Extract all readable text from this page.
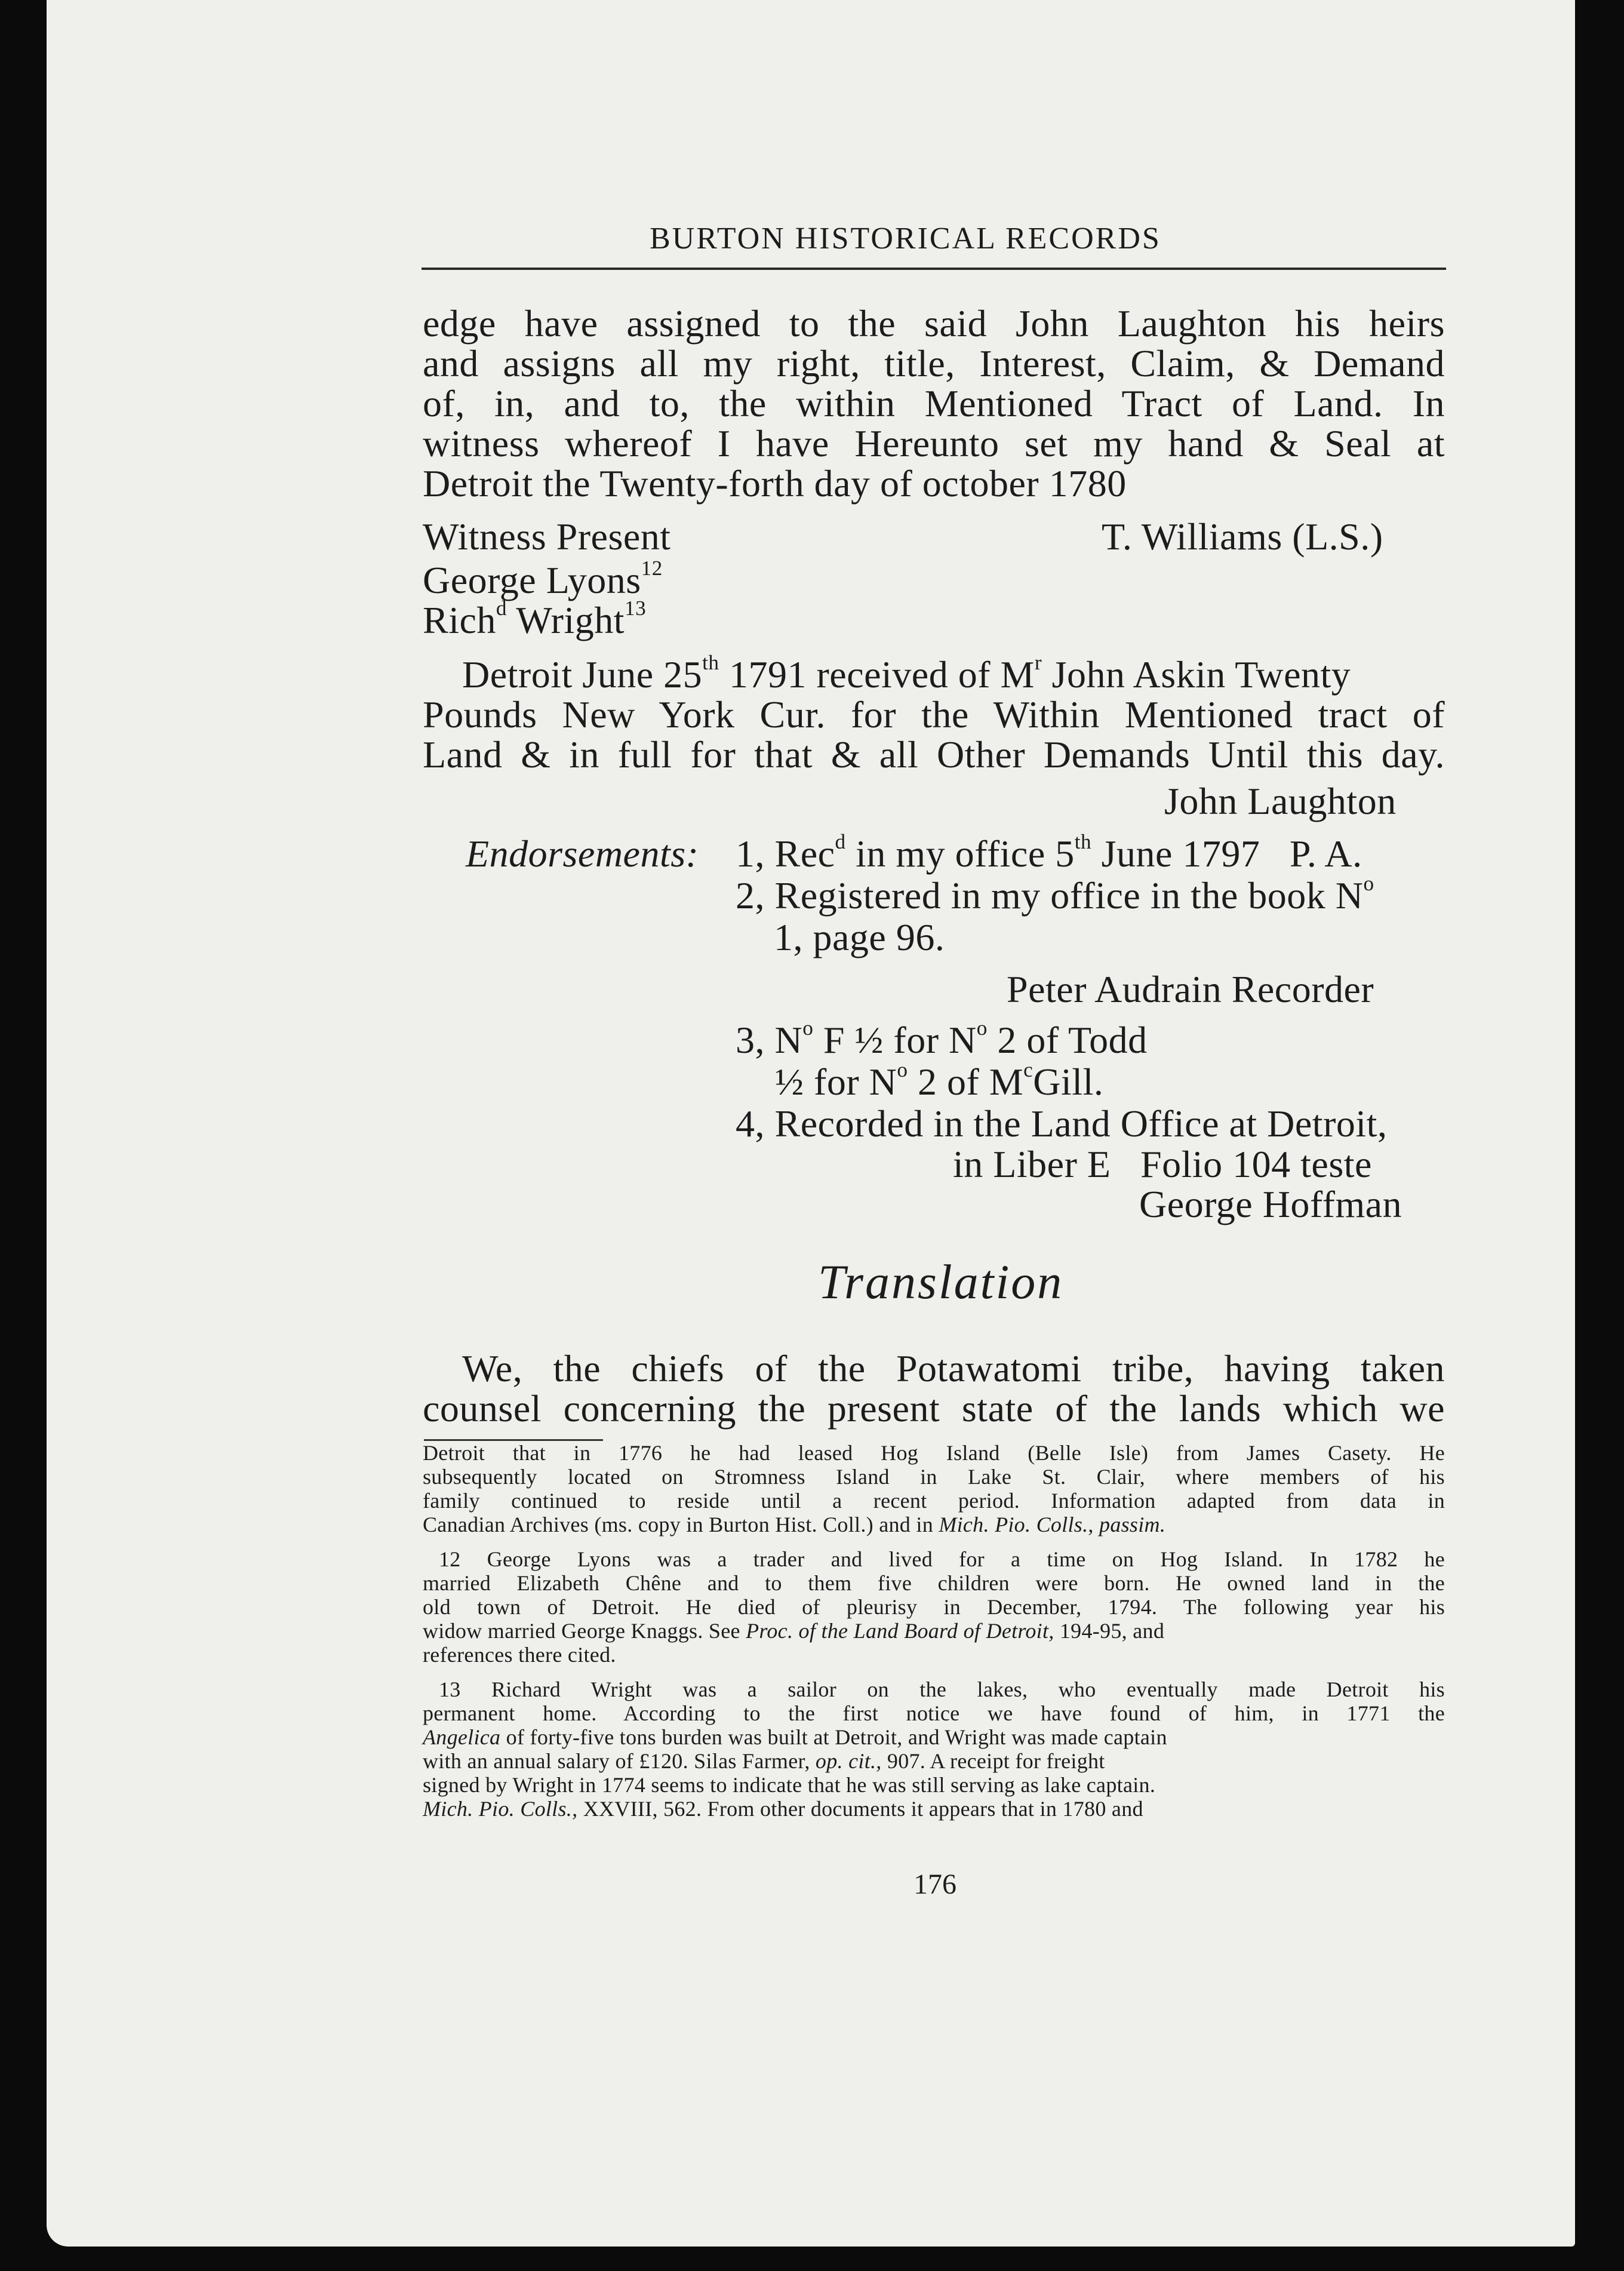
BURTON HISTORICAL RECORDS
edge have assigned to the said John Laughton his heirs
and assigns all my right, title, Interest, Claim, & Demand
of, in, and to, the within Mentioned Tract of Land. In
witness whereof I have Hereunto set my hand & Seal at
Detroit the Twenty-forth day of october 1780
Witness Present	T. Williams (L.S.)
George Lyons$^{12}$
Rich$^d$ Wright$^{13}$
Detroit June 25th 1791 received of $M^r$ John Askin Twenty
Pounds New York Cur. for the Within Mentioned tract of
Land & in full for that & all Other Demands Until this day.
John Laughton
Endorsements: 1, Rec$^d$ in my office 5th June 1797   P. A.
2, Registered in my office in the book $N^o$
1, page 96.
Peter Audrain Recorder
3, $N^o$ F ½ for $N^o$ 2 of Todd
½ for $N^o$ 2 of $M^cGill$.
4, Recorded in the Land Office at Detroit,
in Liber E   Folio 104 teste
George Hoffman
Translation
We, the chiefs of the Potawatomi tribe, having taken
counsel concerning the present state of the lands which we
Detroit that in 1776 he had leased Hog Island (Belle Isle) from James Casety. He
subsequently located on Stromness Island in Lake St. Clair, where members of his
family continued to reside until a recent period. Information adapted from data in
Canadian Archives (ms. copy in Burton Hist. Coll.) and in Mich. Pio. Colls., passim.
12 George Lyons was a trader and lived for a time on Hog Island. In 1782 he
married Elizabeth Chêne and to them five children were born. He owned land in the
old town of Detroit. He died of pleurisy in December, 1794. The following year his
widow married George Knaggs. See Proc. of the Land Board of Detroit, 194-95, and
references there cited.
13 Richard Wright was a sailor on the lakes, who eventually made Detroit his
permanent home. According to the first notice we have found of him, in 1771 the
Angelica of forty-five tons burden was built at Detroit, and Wright was made captain
with an annual salary of £120. Silas Farmer, op. cit., 907. A receipt for freight
signed by Wright in 1774 seems to indicate that he was still serving as lake captain.
Mich. Pio. Colls., XXVIII, 562. From other documents it appears that in 1780 and
176
